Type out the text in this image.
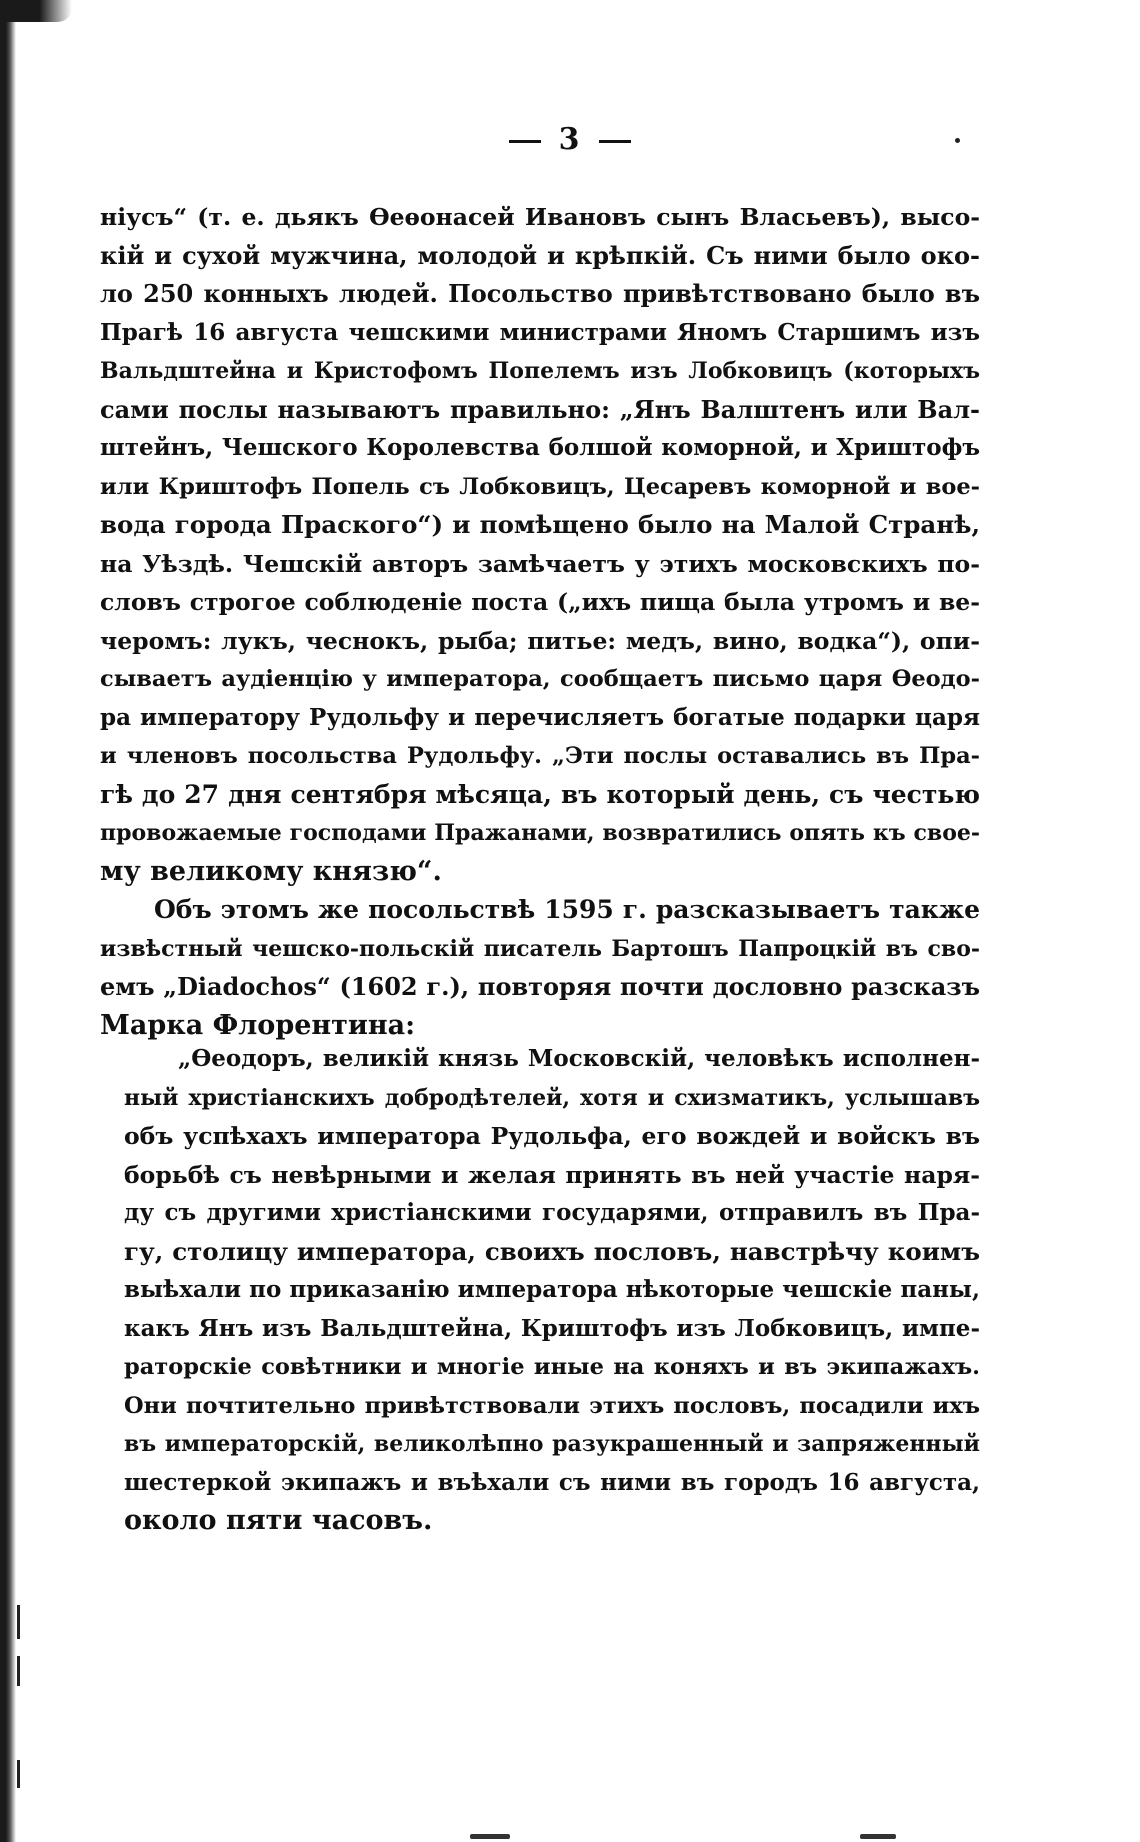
3
ніусъ“ (т. е. дьякъ Ѳеѳонасей Ивановъ сынъ Власьевъ), высо-
кій и сухой мужчина, молодой и крѣпкій. Съ ними было око-
ло 250 конныхъ людей. Посольство привѣтствовано было въ
Прагѣ 16 августа чешскими министрами Яномъ Старшимъ изъ
Вальдштейна и Кристофомъ Попелемъ изъ Лобковицъ (которыхъ
сами послы называютъ правильно: „Янъ Валштенъ или Вал-
штейнъ, Чешского Королевства болшой коморной, и Хриштофъ
или Криштофъ Попель съ Лобковицъ, Цесаревъ коморной и вое-
вода города Праского“) и помѣщено было на Малой Странѣ,
на Уѣздѣ. Чешскій авторъ замѣчаетъ у этихъ московскихъ по-
словъ строгое соблюденіе поста („ихъ пища была утромъ и ве-
черомъ: лукъ, чеснокъ, рыба; питье: медъ, вино, водка“), опи-
сываетъ аудіенцію у императора, сообщаетъ письмо царя Ѳеодо-
ра императору Рудольфу и перечисляетъ богатые подарки царя
и членовъ посольства Рудольфу. „Эти послы оставались въ Пра-
гѣ до 27 дня сентября мѣсяца, въ который день, съ честью
провожаемые господами Пражанами, возвратились опять къ свое-
му великому князю“.
Объ этомъ же посольствѣ 1595 г. разсказываетъ также
извѣстный чешско-польскій писатель Бартошъ Папроцкій въ сво-
емъ „Diadochos“ (1602 г.), повторяя почти дословно разсказъ
Марка Флорентина:
„Ѳеодоръ, великій князь Московскій, человѣкъ исполнен-
ный христіанскихъ добродѣтелей, хотя и схизматикъ, услышавъ
объ успѣхахъ императора Рудольфа, его вождей и войскъ въ
борьбѣ съ невѣрными и желая принять въ ней участіе наря-
ду съ другими христіанскими государями, отправилъ въ Пра-
гу, столицу императора, своихъ пословъ, навстрѣчу коимъ
выѣхали по приказанію императора нѣкоторые чешскіе паны,
какъ Янъ изъ Вальдштейна, Криштофъ изъ Лобковицъ, импе-
раторскіе совѣтники и многіе иные на коняхъ и въ экипажахъ.
Они почтительно привѣтствовали этихъ пословъ, посадили ихъ
въ императорскій, великолѣпно разукрашенный и запряженный
шестеркой экипажъ и въѣхали съ ними въ городъ 16 августа,
около пяти часовъ.
